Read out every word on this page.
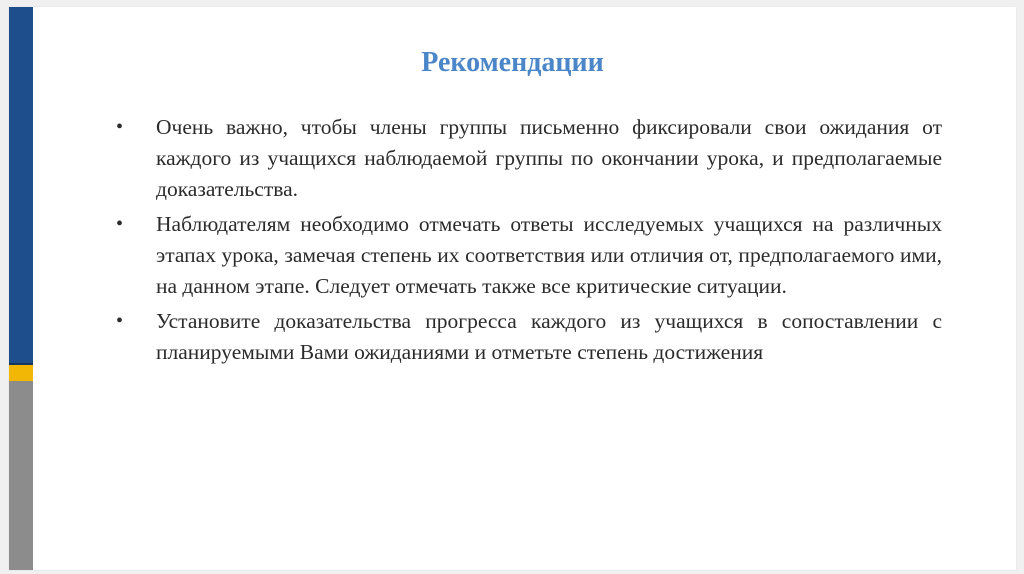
Рекомендации
•	Очень важно, чтобы члены группы письменно фиксировали свои ожидания от каждого из учащихся наблюдаемой группы по окончании урока, и предполагаемые доказательства.
•	Наблюдателям необходимо отмечать ответы исследуемых учащихся на различных этапах урока, замечая степень их соответствия или отличия от, предполагаемого ими, на данном этапе. Следует отмечать также все критические ситуации.
•	Установите доказательства прогресса каждого из учащихся в сопоставлении с планируемыми Вами ожиданиями и отметьте степень достижения
